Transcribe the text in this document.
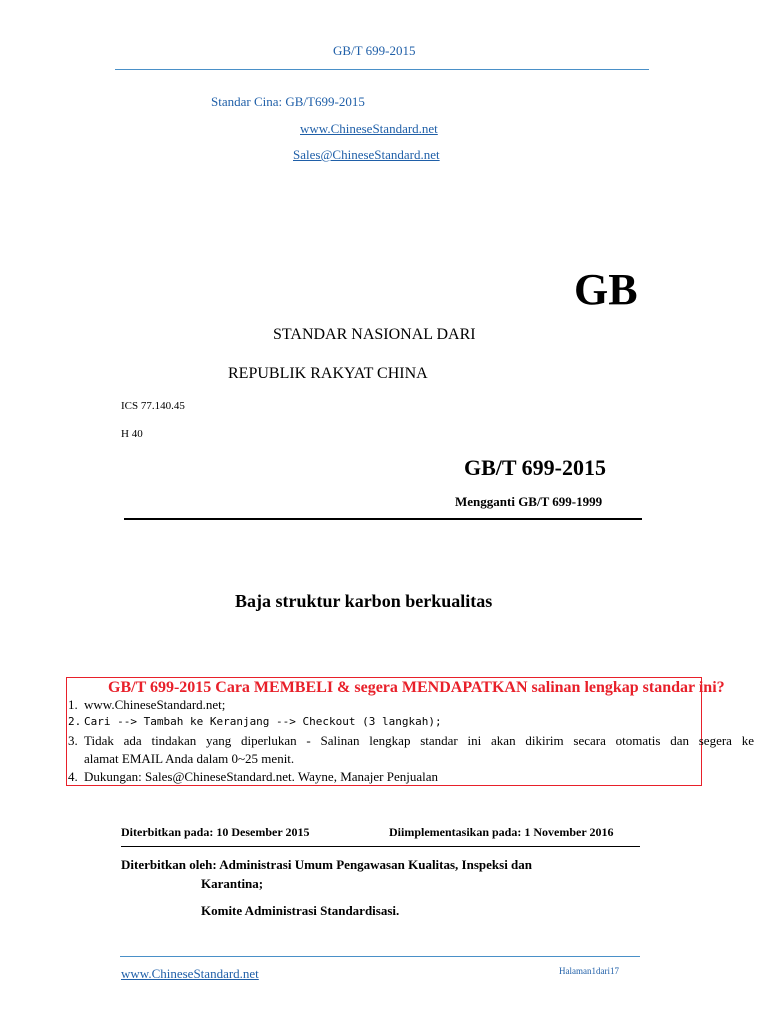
GB/T 699-2015
Standar Cina: GB/T699-2015
www.ChineseStandard.net
Sales@ChineseStandard.net
GB
STANDAR NASIONAL DARI
REPUBLIK RAKYAT CHINA
ICS 77.140.45
H 40
GB/T 699-2015
Mengganti GB/T 699-1999
Baja struktur karbon berkualitas
GB/T 699-2015 Cara MEMBELI & segera MENDAPATKAN salinan lengkap standar ini?
1. www.ChineseStandard.net;
2. Cari --> Tambah ke Keranjang --> Checkout (3 langkah);
3. Tidak ada tindakan yang diperlukan - Salinan lengkap standar ini akan dikirim secara otomatis dan segera ke
alamat EMAIL Anda dalam 0~25 menit.
4. Dukungan: Sales@ChineseStandard.net. Wayne, Manajer Penjualan
Diterbitkan pada: 10 Desember 2015	Diimplementasikan pada: 1 November 2016
Diterbitkan oleh: Administrasi Umum Pengawasan Kualitas, Inspeksi dan
Karantina;
Komite Administrasi Standardisasi.
www.ChineseStandard.net	Halaman1dari17
